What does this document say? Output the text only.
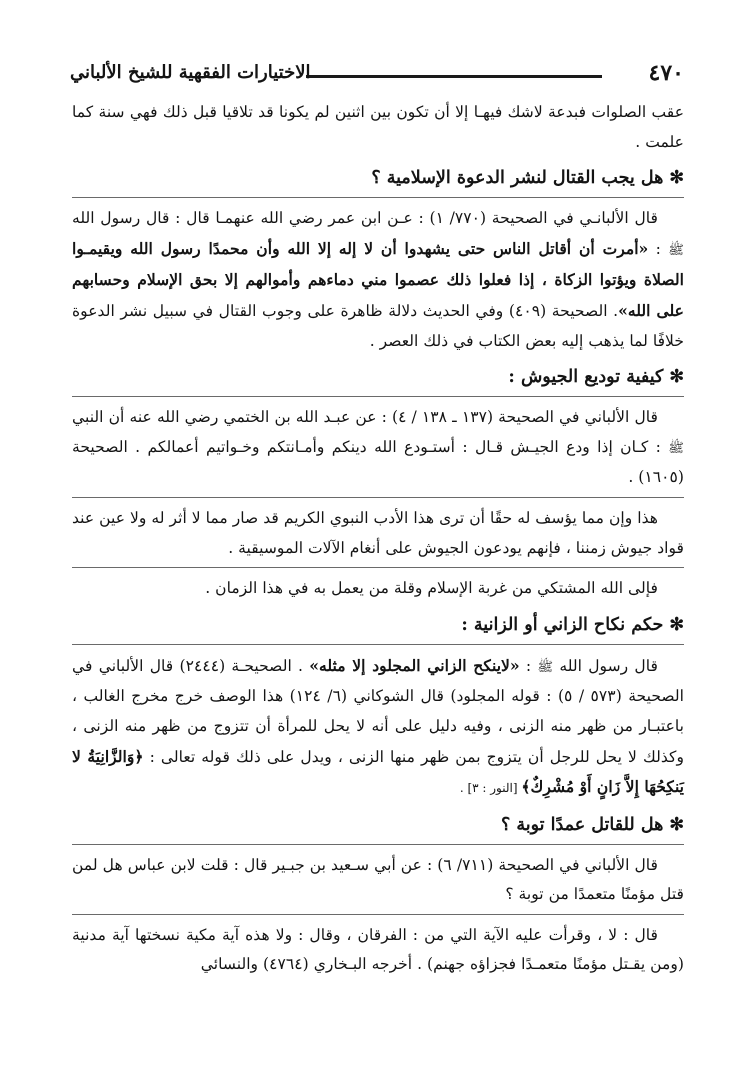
٤٧٠
الاختيارات الفقهية للشيخ الألباني

عقب الصلوات فبدعة لاشك فيهـا إلا أن تكون بين اثنين لم يكونا قد تلاقيا قبل ذلك فهي سنة كما علمت .

✻هل يجب القتال لنشر الدعوة الإسلامية ؟

قال الألبانـي في الصحيحة (٧٧٠/ ١) : عـن ابن عمر رضي الله عنهمـا قال : قال رسول الله ﷺ : «أمرت أن أقاتل الناس حتى يشهدوا أن لا إله إلا الله وأن محمدًا رسول الله ويقيمـوا الصلاة ويؤتوا الزكاة ، إذا فعلوا ذلك عصموا مني دماءهم وأموالهم إلا بحق الإسلام وحسابهم على الله». الصحيحة (٤٠٩) وفي الحديث دلالة ظاهرة على وجوب القتال في سبيل نشر الدعوة خلافًا لما يذهب إليه بعض الكتاب في ذلك العصر .

✻كيفية توديع الجيوش :

قال الألباني في الصحيحة (١٣٧ ـ ١٣٨ / ٤) : عن عبـد الله بن الختمي رضي الله عنه أن النبي ﷺ : كـان إذا ودع الجيـش قـال : أستـودع الله دينكم وأمـانتكم وخـواتيم أعمالكم . الصحيحة (١٦٠٥) .

هذا وإن مما يؤسف له حقًا أن ترى هذا الأدب النبوي الكريم قد صار مما لا أثر له ولا عين عند قواد جيوش زمننا ، فإنهم يودعون الجيوش على أنغام الآلات الموسيقية .

فإلى الله المشتكي من غربة الإسلام وقلة من يعمل به في هذا الزمان .

✻حكم نكاح الزاني أو الزانية :

قال رسول الله ﷺ : «لاينكح الزاني المجلود إلا مثله» . الصحيحـة (٢٤٤٤) قال الألباني في الصحيحة (٥٧٣ / ٥) : قوله المجلود) قال الشوكاني (٦/ ١٢٤) هذا الوصف خرج مخرج الغالب ، باعتبـار من ظهر منه الزنى ، وفيه دليل على أنه لا يحل للمرأة أن تتزوج من ظهر منه الزنى ، وكذلك لا يحل للرجل أن يتزوج بمن ظهر منها الزنى ، ويدل على ذلك قوله تعالى : ﴿وَالزَّانِيَةُ لا يَنكِحُهَا إِلاَّ زَانٍ أَوْ مُشْرِكٌ﴾ [النور : ٣] .

✻هل للقاتل عمدًا توبة ؟

قال الألباني في الصحيحة (٧١١/ ٦) : عن أبي سـعيد بن جبـير قال : قلت لابن عباس هل لمن قتل مؤمنًا متعمدًا من توبة ؟

قال : لا ، وقرأت عليه الآية التي من : الفرقان ، وقال : ولا هذه آية مكية نسختها آية مدنية (ومن يقـتل مؤمنًا متعمـدًا فجزاؤه جهنم) . أخرجه البـخاري (٤٧٦٤) والنسائي
